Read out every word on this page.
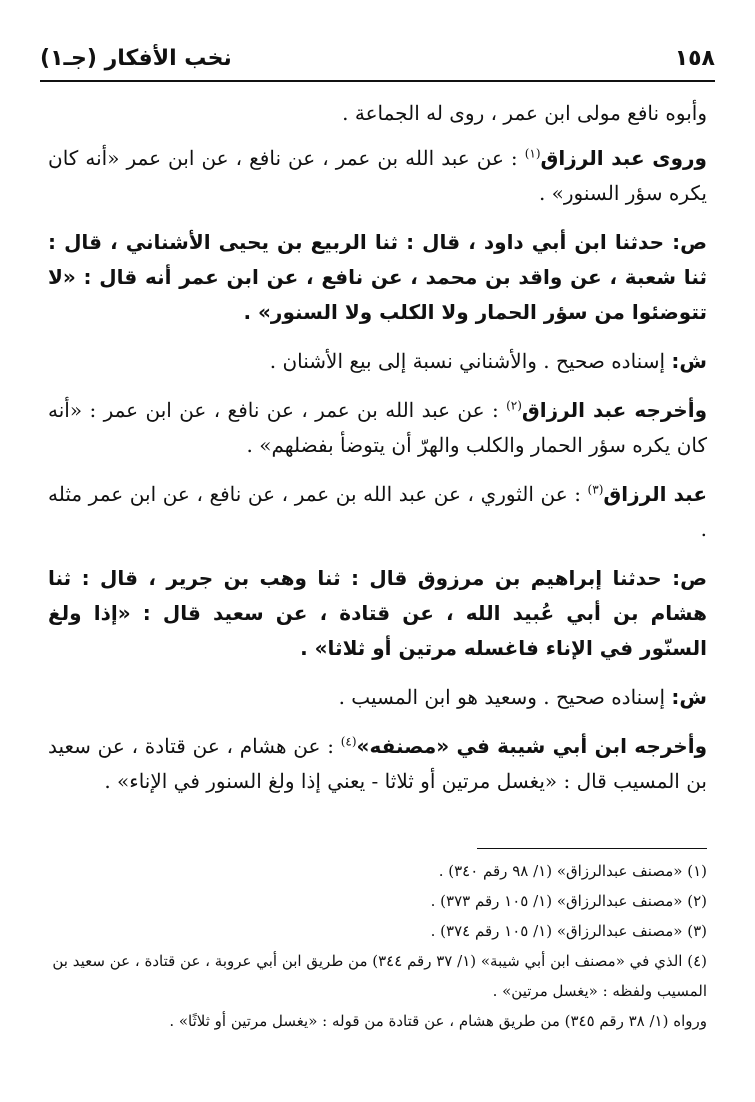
١٥٨
نخب الأفكار (جـ١)

وأبوه نافع مولى ابن عمر ، روى له الجماعة .

وروى عبد الرزاق$^{(١)}$ : عن عبد الله بن عمر ، عن نافع ، عن ابن عمر «أنه كان يكره سؤر السنور» .

ص: حدثنا ابن أبي داود ، قال : ثنا الربيع بن يحيى الأشناني ، قال : ثنا شعبة ، عن واقد بن محمد ، عن نافع ، عن ابن عمر أنه قال : «لا تتوضئوا من سؤر الحمار ولا الكلب ولا السنور» .

ش: إسناده صحيح . والأشناني نسبة إلى بيع الأشنان .

وأخرجه عبد الرزاق$^{(٢)}$ : عن عبد الله بن عمر ، عن نافع ، عن ابن عمر : «أنه كان يكره سؤر الحمار والكلب والهرّ أن يتوضأ بفضلهم» .

عبد الرزاق$^{(٣)}$ : عن الثوري ، عن عبد الله بن عمر ، عن نافع ، عن ابن عمر مثله .

ص: حدثنا إبراهيم بن مرزوق قال : ثنا وهب بن جرير ، قال : ثنا هشام بن أبي عُبيد الله ، عن قتادة ، عن سعيد قال : «إذا ولغ السنّور في الإناء فاغسله مرتين أو ثلاثا» .

ش: إسناده صحيح . وسعيد هو ابن المسيب .

وأخرجه ابن أبي شيبة في «مصنفه»$^{(٤)}$ : عن هشام ، عن قتادة ، عن سعيد بن المسيب قال : «يغسل مرتين أو ثلاثا - يعني إذا ولغ السنور في الإناء» .

(١) «مصنف عبدالرزاق» (١/ ٩٨ رقم ٣٤٠) .

(٢) «مصنف عبدالرزاق» (١/ ١٠٥ رقم ٣٧٣) .

(٣) «مصنف عبدالرزاق» (١/ ١٠٥ رقم ٣٧٤) .

(٤) الذي في «مصنف ابن أبي شيبة» (١/ ٣٧ رقم ٣٤٤) من طريق ابن أبي عروبة ، عن قتادة ، عن سعيد بن المسيب ولفظه : «يغسل مرتين» .

ورواه (١/ ٣٨ رقم ٣٤٥) من طريق هشام ، عن قتادة من قوله : «يغسل مرتين أو ثلاثًا» .
